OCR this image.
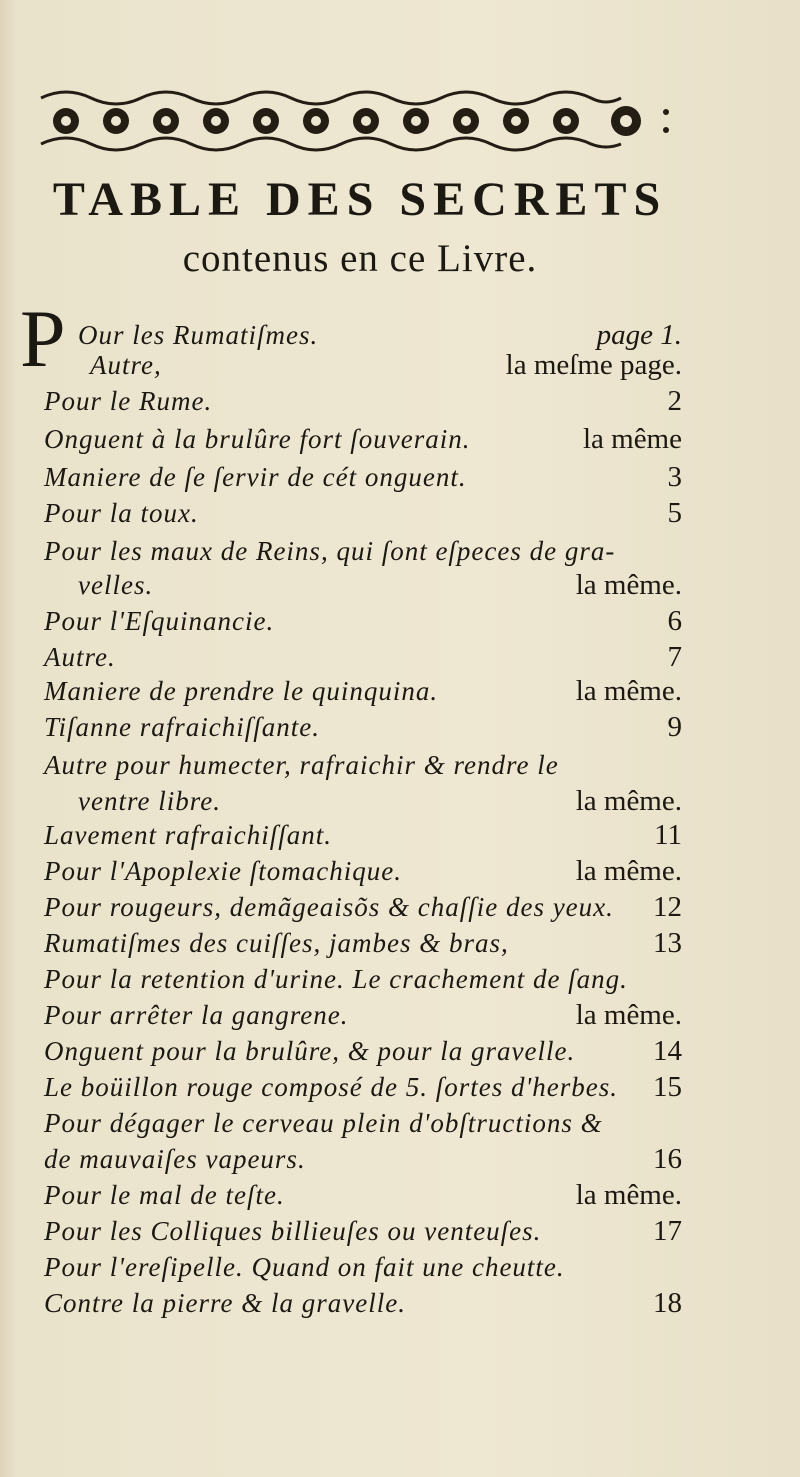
TABLE DES SECRETS
contenus en ce Livre.
P Our les Rumatiſmes.	page 1.
Autre,	la meſme page.
Pour le Rume.	2
Onguent à la brulûre fort ſouverain.	la même
Maniere de ſe ſervir de cét onguent.	3
Pour la toux.	5
Pour les maux de Reins, qui ſont eſpeces de gra-
velles.	la même.
Pour l'Eſquinancie.	6
Autre.	7
Maniere de prendre le quinquina.	la même.
Tiſanne rafraichiſſante.	9
Autre pour humecter, rafraichir & rendre le
ventre libre.	la même.
Lavement rafraichiſſant.	11
Pour l'Apoplexie ſtomachique.	la même.
Pour rougeurs, demãgeaisõs & chaſſie des yeux. 12
Rumatiſmes des cuiſſes, jambes & bras,	13
Pour la retention d'urine. Le crachement de ſang.
Pour arrêter la gangrene.	la même.
Onguent pour la brulûre, & pour la gravelle.	14
Le boüillon rouge composé de 5. ſortes d'herbes. 15
Pour dégager le cerveau plein d'obſtructions &
de mauvaiſes vapeurs.	16
Pour le mal de teſte.	la même.
Pour les Colliques billieuſes ou venteuſes.	17
Pour l'ereſipelle. Quand on fait une cheutte.
Contre la pierre & la gravelle.	18
